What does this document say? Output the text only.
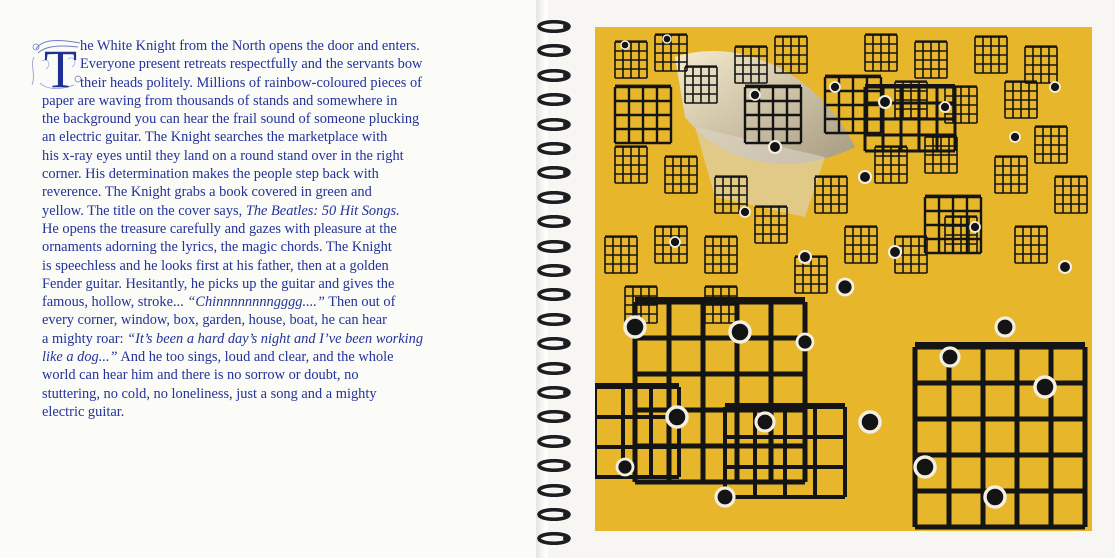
T he White Knight from the North opens the door and enters.
Everyone present retreats respectfully and the servants bow
their heads politely. Millions of rainbow-coloured pieces of
paper are waving from thousands of stands and somewhere in
the background you can hear the frail sound of someone plucking
an electric guitar. The Knight searches the marketplace with
his x-ray eyes until they land on a round stand over in the right
corner. His determination makes the people step back with
reverence. The Knight grabs a book covered in green and
yellow. The title on the cover says, The Beatles: 50 Hit Songs.
He opens the treasure carefully and gazes with pleasure at the
ornaments adorning the lyrics, the magic chords. The Knight
is speechless and he looks first at his father, then at a golden
Fender guitar. Hesitantly, he picks up the guitar and gives the
famous, hollow, stroke... “Chinnnnnnnngggg....” Then out of
every corner, window, box, garden, house, boat, he can hear
a mighty roar: “It’s been a hard day’s night and I’ve been working
like a dog...” And he too sings, loud and clear, and the whole
world can hear him and there is no sorrow or doubt, no
stuttering, no cold, no loneliness, just a song and a mighty
electric guitar.
